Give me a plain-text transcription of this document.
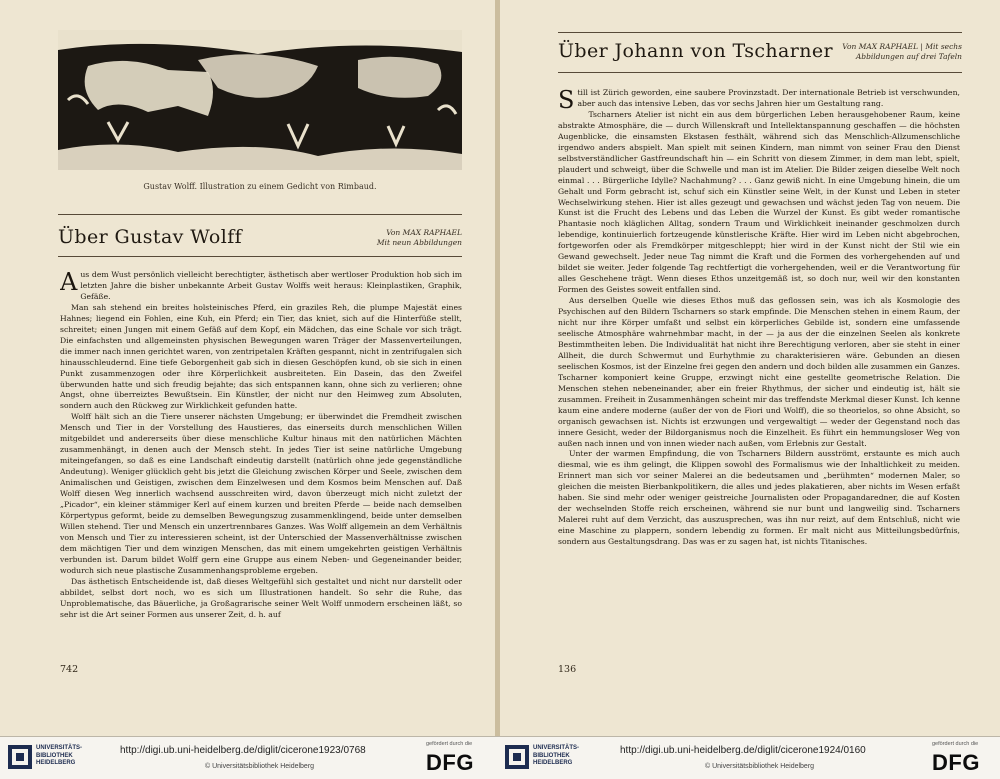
Gustav Wolff. Illustration zu einem Gedicht von Rimbaud.
Über Gustav Wolff	Von MAX RAPHAEL
Mit neun Abbildungen

Aus dem Wust persönlich vielleicht berechtigter, ästhetisch aber wertloser Produktion hob sich im letzten Jahre die bisher unbekannte Arbeit Gustav Wolffs weit heraus: Kleinplastiken, Graphik, Gefäße.

Man sah stehend ein breites holsteinisches Pferd, ein graziles Reh, die plumpe Majestät eines Hahnes; liegend ein Fohlen, eine Kuh, ein Pferd; ein Tier, das kniet, sich auf die Hinterfüße stellt, schreitet; einen Jungen mit einem Gefäß auf dem Kopf, ein Mädchen, das eine Schale vor sich trägt. Die einfachsten und allgemeinsten physischen Bewegungen waren Träger der Massenverteilungen, die immer nach innen gerichtet waren, von zentripetalen Kräften gespannt, nicht in zentrifugalen sich hinausschleudernd. Eine tiefe Geborgenheit gab sich in diesen Geschöpfen kund, ob sie sich in einen Punkt zusammenzogen oder ihre Körperlichkeit ausbreiteten. Ein Dasein, das den Zweifel überwunden hatte und sich freudig bejahte; das sich entspannen kann, ohne sich zu verlieren; ohne Angst, ohne überreiztes Bewußtsein. Ein Künstler, der nicht nur den Heimweg zum Absoluten, sondern auch den Rückweg zur Wirklichkeit gefunden hatte.

Wolff hält sich an die Tiere unserer nächsten Umgebung; er überwindet die Fremdheit zwischen Mensch und Tier in der Vorstellung des Haustieres, das einerseits durch menschlichen Willen mitgebildet und andererseits über diese menschliche Kultur hinaus mit den natürlichen Mächten zusammenhängt, in denen auch der Mensch steht. In jedes Tier ist seine natürliche Umgebung miteingefangen, so daß es eine Landschaft eindeutig darstellt (natürlich ohne jede gegenständliche Andeutung). Weniger glücklich geht bis jetzt die Gleichung zwischen Körper und Seele, zwischen dem Animalischen und Geistigen, zwischen dem Einzelwesen und dem Kosmos beim Menschen auf. Daß Wolff diesen Weg innerlich wachsend ausschreiten wird, davon überzeugt mich nicht zuletzt der „Picador“, ein kleiner stämmiger Kerl auf einem kurzen und breiten Pferde — beide nach demselben Körpertypus geformt, beide zu demselben Bewegungszug zusammenklingend, beide unter demselben Willen stehend. Tier und Mensch ein unzertrennbares Ganzes. Was Wolff allgemein an dem Verhältnis von Mensch und Tier zu interessieren scheint, ist der Unterschied der Massenverhältnisse zwischen dem mächtigen Tier und dem winzigen Menschen, das mit einem umgekehrten geistigen Verhältnis verbunden ist. Darum bildet Wolff gern eine Gruppe aus einem Neben- und Gegeneinander beider, wodurch sich neue plastische Zusammenhangsprobleme ergeben.

Das ästhetisch Entscheidende ist, daß dieses Weltgefühl sich gestaltet und nicht nur darstellt oder abbildet, selbst dort noch, wo es sich um Illustrationen handelt. So sehr die Ruhe, das Unproblematische, das Bäuerliche, ja Großagrarische seiner Welt Wolff unmodern erscheinen läßt, so sehr ist die Art seiner Formen aus unserer Zeit, d. h. auf

742
Über Johann von Tscharner	Von MAX RAPHAEL | Mit sechs
Abbildungen auf drei Tafeln
136

Still ist Zürich geworden, eine saubere Provinzstadt. Der internationale Betrieb ist verschwunden, aber auch das intensive Leben, das vor sechs Jahren hier um Gestaltung rang.

Tscharners Atelier ist nicht ein aus dem bürgerlichen Leben herausgehobener Raum, keine abstrakte Atmosphäre, die — durch Willenskraft und Intellektanspannung geschaffen — die höchsten Augenblicke, die einsamsten Ekstasen festhält, während sich das Menschlich-Allzumenschliche irgendwo anders abspielt. Man spielt mit seinen Kindern, man nimmt von seiner Frau den Dienst selbstverständlicher Gastfreundschaft hin — ein Schritt von diesem Zimmer, in dem man lebt, spielt, plaudert und schweigt, über die Schwelle und man ist im Atelier. Die Bilder zeigen dieselbe Welt noch einmal . . . Bürgerliche Idylle? Nachahmung? . . . Ganz gewiß nicht. In eine Umgebung hinein, die um Gehalt und Form gebracht ist, schuf sich ein Künstler seine Welt, in der Kunst und Leben in steter Wechselwirkung stehen. Hier ist alles gezeugt und gewachsen und wächst jeden Tag von neuem. Die Kunst ist die Frucht des Lebens und das Leben die Wurzel der Kunst. Es gibt weder romantische Phantasie noch kläglichen Alltag, sondern Traum und Wirklichkeit ineinander geschmolzen durch lebendige, kontinuierlich fortzeugende künstlerische Kräfte. Hier wird im Leben nicht abgebrochen, fortgeworfen oder als Fremdkörper mitgeschleppt; hier wird in der Kunst nicht der Stil wie ein Gewand gewechselt. Jeder neue Tag nimmt die Kraft und die Formen des vorhergehenden auf und bildet sie weiter. Jeder folgende Tag rechtfertigt die vorhergehenden, weil er die Verantwortung für alles Geschehene trägt. Wenn dieses Ethos unzeitgemäß ist, so doch nur, weil wir den konstanten Formen des Geistes soweit entfallen sind.

Aus derselben Quelle wie dieses Ethos muß das geflossen sein, was ich als Kosmologie des Psychischen auf den Bildern Tscharners so stark empfinde. Die Menschen stehen in einem Raum, der nicht nur ihre Körper umfaßt und selbst ein körperliches Gebilde ist, sondern eine umfassende seelische Atmosphäre wahrnehmbar macht, in der — ja aus der die einzelnen Seelen als konkrete Bestimmtheiten leben. Die Individualität hat nicht ihre Berechtigung verloren, aber sie steht in einer Allheit, die durch Schwermut und Eurhythmie zu charakterisieren wäre. Gebunden an diesen seelischen Kosmos, ist der Einzelne frei gegen den andern und doch bilden alle zusammen ein Ganzes. Tscharner komponiert keine Gruppe, erzwingt nicht eine gestellte geometrische Relation. Die Menschen stehen nebeneinander, aber ein freier Rhythmus, der sicher und eindeutig ist, hält sie zusammen. Freiheit in Zusammenhängen scheint mir das treffendste Merkmal dieser Kunst. Ich kenne kaum eine andere moderne (außer der von de Fiori und Wolff), die so theorielos, so ohne Absicht, so organisch gewachsen ist. Nichts ist erzwungen und vergewaltigt — weder der Gegenstand noch das innere Gesicht, weder der Bildorganismus noch die Einzelheit. Es führt ein hemmungsloser Weg von außen nach innen und von innen wieder nach außen, vom Erlebnis zur Gestalt.

Unter der warmen Empfindung, die von Tscharners Bildern ausströmt, erstaunte es mich auch diesmal, wie es ihm gelingt, die Klippen sowohl des Formalismus wie der Inhaltlichkeit zu meiden. Erinnert man sich vor seiner Malerei an die bedeutsamen und „berühmten“ modernen Maler, so gleichen die meisten Bierbankpolitikern, die alles und jedes plakatieren, aber nichts im Wesen erfaßt haben. Sie sind mehr oder weniger geistreiche Journalisten oder Propagandaredner, die auf Kosten der wechselnden Stoffe reich erscheinen, während sie nur bunt und langweilig sind. Tscharners Malerei ruht auf dem Verzicht, das auszusprechen, was ihn nur reizt, auf dem Entschluß, nicht wie eine Maschine zu plappern, sondern lebendig zu formen. Er malt nicht aus Mitteilungsbedürfnis, sondern aus Gestaltungsdrang. Das was er zu sagen hat, ist nichts Titanisches.

UNIVERSITÄTS-
BIBLIOTHEK
HEIDELBERG
http://digi.ub.uni-heidelberg.de/diglit/cicerone1923/0768
© Universitätsbibliothek Heidelberg
gefördert durch die
DFG
UNIVERSITÄTS-
BIBLIOTHEK
HEIDELBERG
http://digi.ub.uni-heidelberg.de/diglit/cicerone1924/0160
© Universitätsbibliothek Heidelberg
gefördert durch die
DFG
